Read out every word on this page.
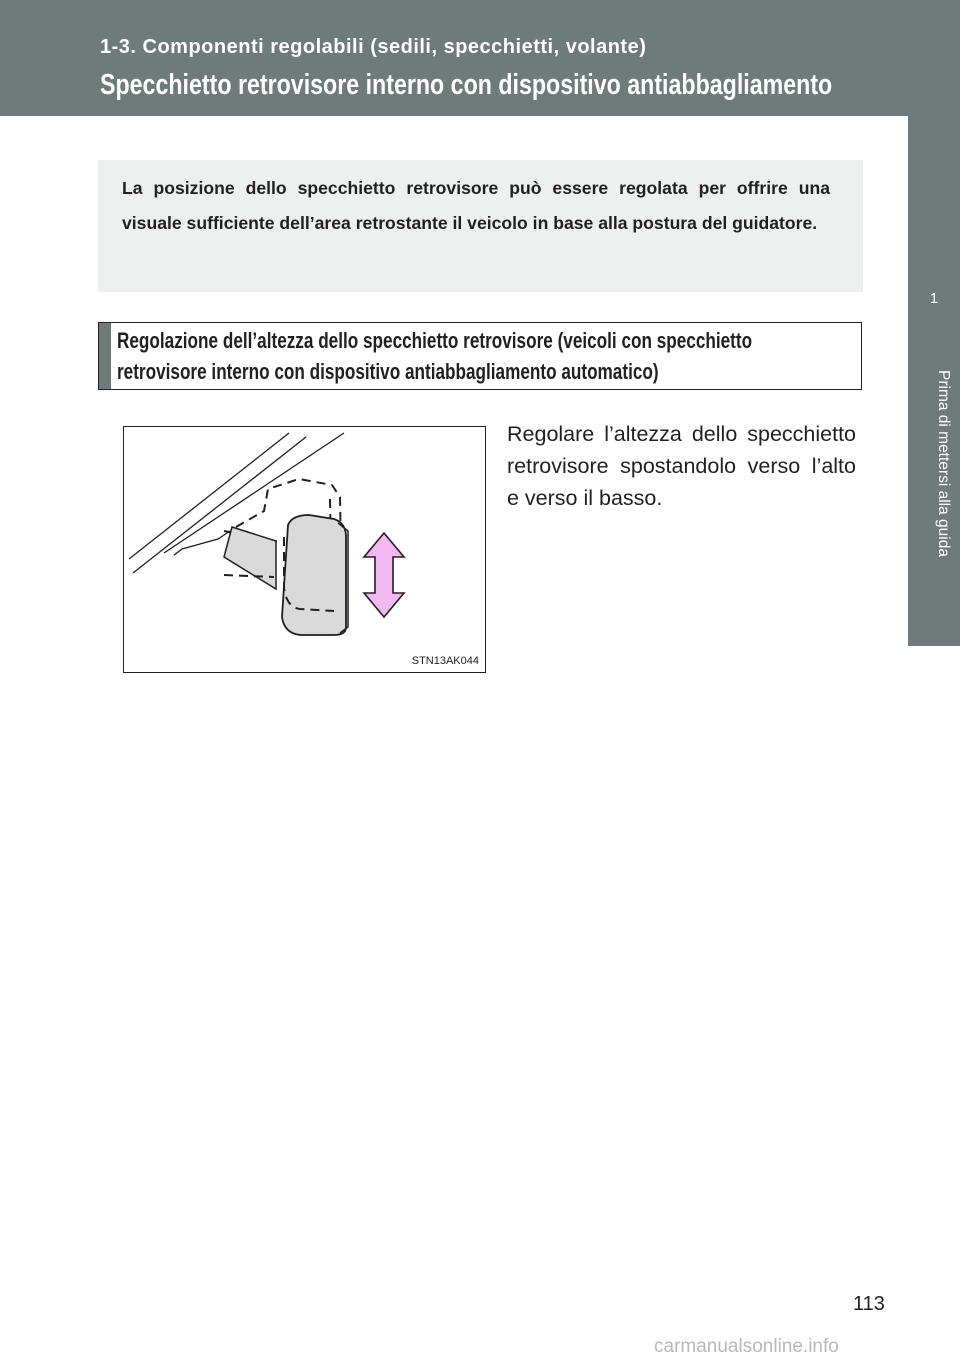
1-3. Componenti regolabili (sedili, specchietti, volante)
Specchietto retrovisore interno con dispositivo antiabbagliamento
1
Prima di mettersi alla guida

La posizione dello specchietto retrovisore può essere regolata per offrire una visuale sufficiente dell’area retrostante il veicolo in base alla postura del guidatore.

Regolazione dell’altezza dello specchietto retrovisore (veicoli con specchietto
retrovisore interno con dispositivo antiabbagliamento automatico)
STN13AK044

Regolare l’altezza dello specchietto retrovisore spostandolo verso l’alto e verso il basso.

113
carmanualsonline.info
